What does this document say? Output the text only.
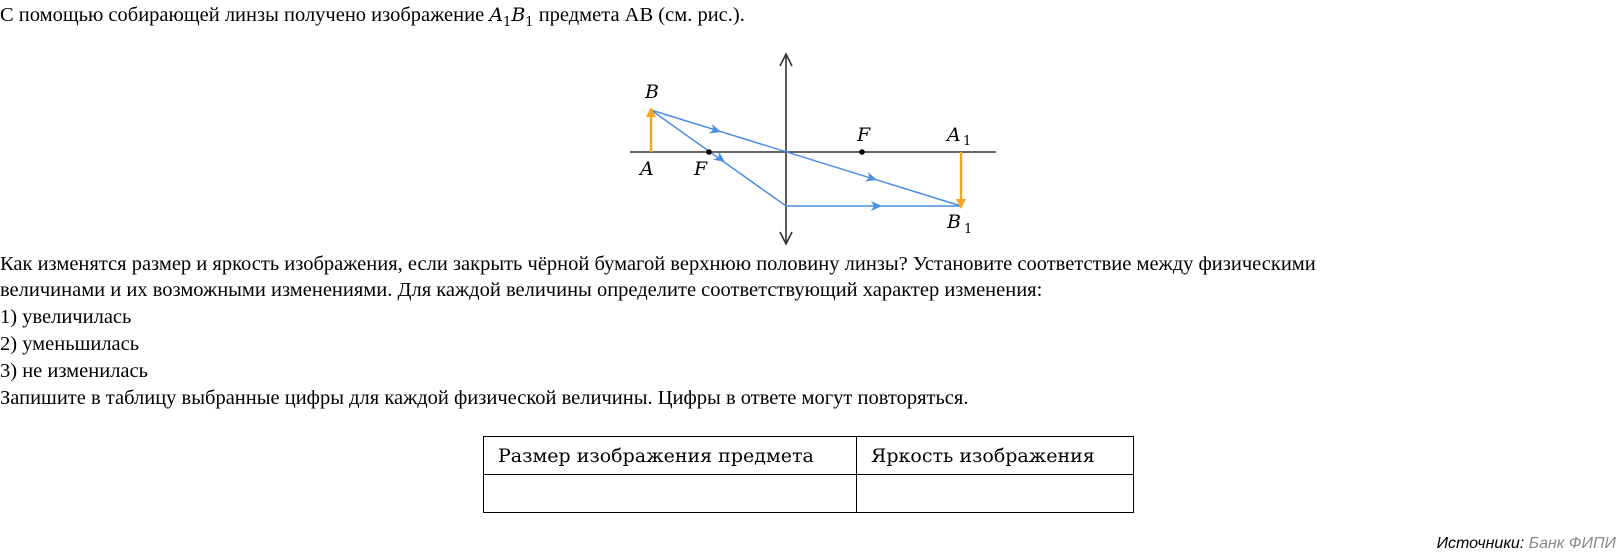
С помощью собирающей линзы получено изображение $A_1B_1$ предмета АВ (см. рис.).
B
A F
F	A 1
B 1
Как изменятся размер и яркость изображения, если закрыть чёрной бумагой верхнюю половину линзы? Установите соответствие между физическими
величинами и их возможными изменениями. Для каждой величины определите соответствующий характер изменения:
1) увеличилась
2) уменьшилась
3) не изменилась
Запишите в таблицу выбранные цифры для каждой физической величины. Цифры в ответе могут повторяться.
Размер изображения предмета	Яркость изображения

Источники: Банк ФИПИ
